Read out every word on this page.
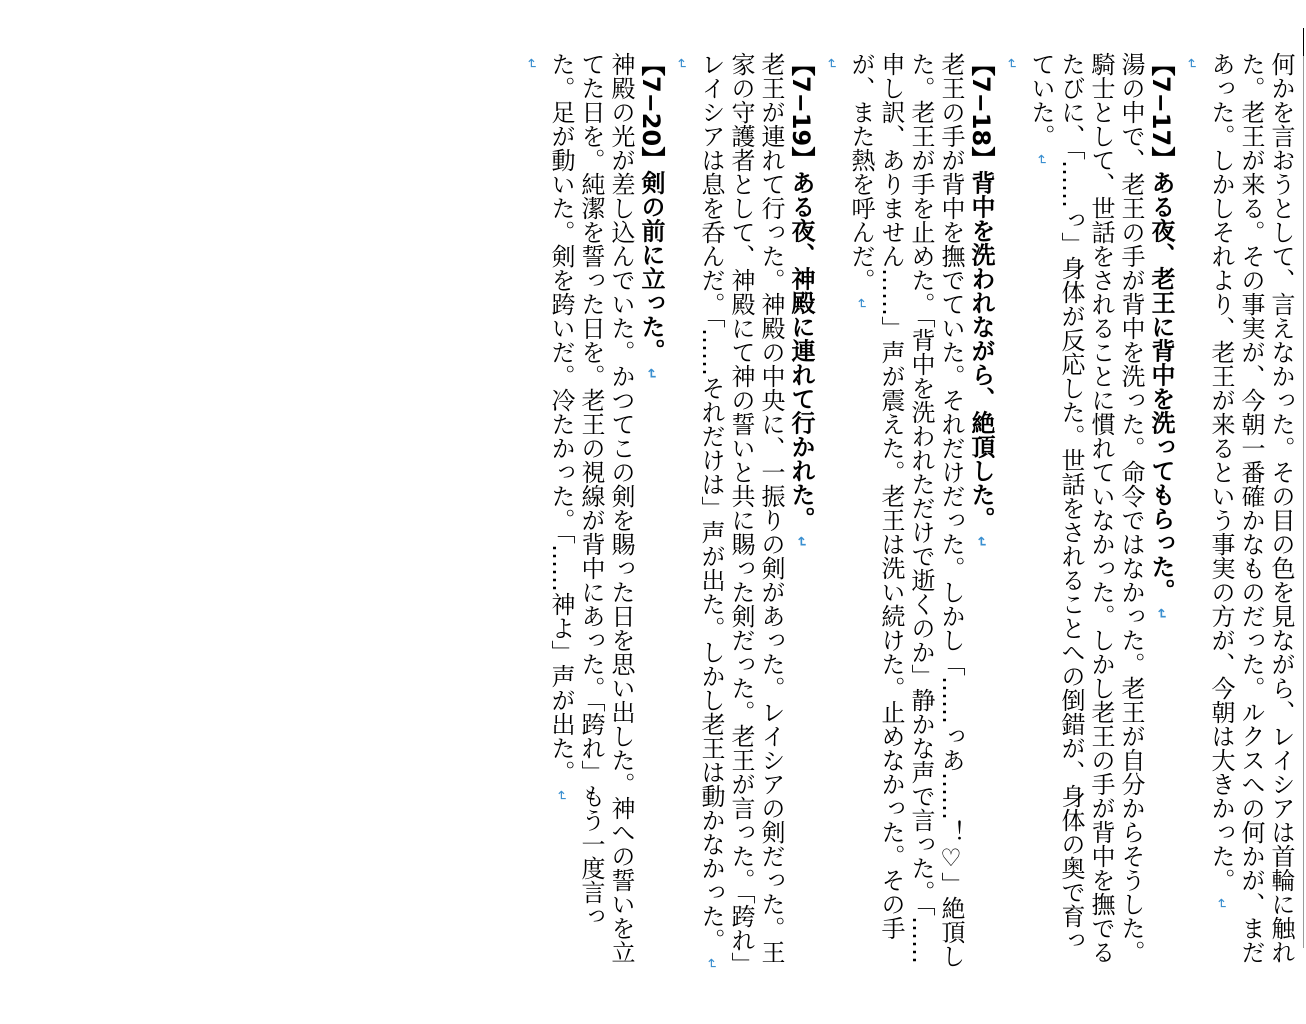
何かを言おうとして、言えなかった。その目の色を見ながら、レイシアは首輪に触れた。老王が来る。その事実が、今朝一番確かなものだった。ルクスへの何かが、まだあった。しかしそれより、老王が来るという事実の方が、今朝は大きかった。↵

↵

【7−17】ある夜、老王に背中を洗ってもらった。↵

湯の中で、老王の手が背中を洗った。命令ではなかった。老王が自分からそうした。騎士として、世話をされることに慣れていなかった。しかし老王の手が背中を撫でるたびに、「……っ」身体が反応した。世話をされることへの倒錯が、身体の奥で育っていた。↵

↵

【7−18】背中を洗われながら、絶頂した。↵

老王の手が背中を撫でていた。それだけだった。しかし「……っあ……！♡」絶頂した。老王が手を止めた。「背中を洗われただけで逝くのか」静かな声で言った。「……申し訳、ありません……」声が震えた。老王は洗い続けた。止めなかった。その手が、また熱を呼んだ。↵

↵

【7−19】ある夜、神殿に連れて行かれた。↵

老王が連れて行った。神殿の中央に、一振りの剣があった。レイシアの剣だった。王家の守護者として、神殿にて神の誓いと共に賜った剣だった。老王が言った。「跨れ」レイシアは息を呑んだ。「……それだけは」声が出た。しかし老王は動かなかった。↵

↵

【7−20】剣の前に立った。↵

神殿の光が差し込んでいた。かつてこの剣を賜った日を思い出した。神への誓いを立てた日を。純潔を誓った日を。老王の視線が背中にあった。「跨れ」もう一度言った。足が動いた。剣を跨いだ。冷たかった。「……神よ」声が出た。↵

↵
